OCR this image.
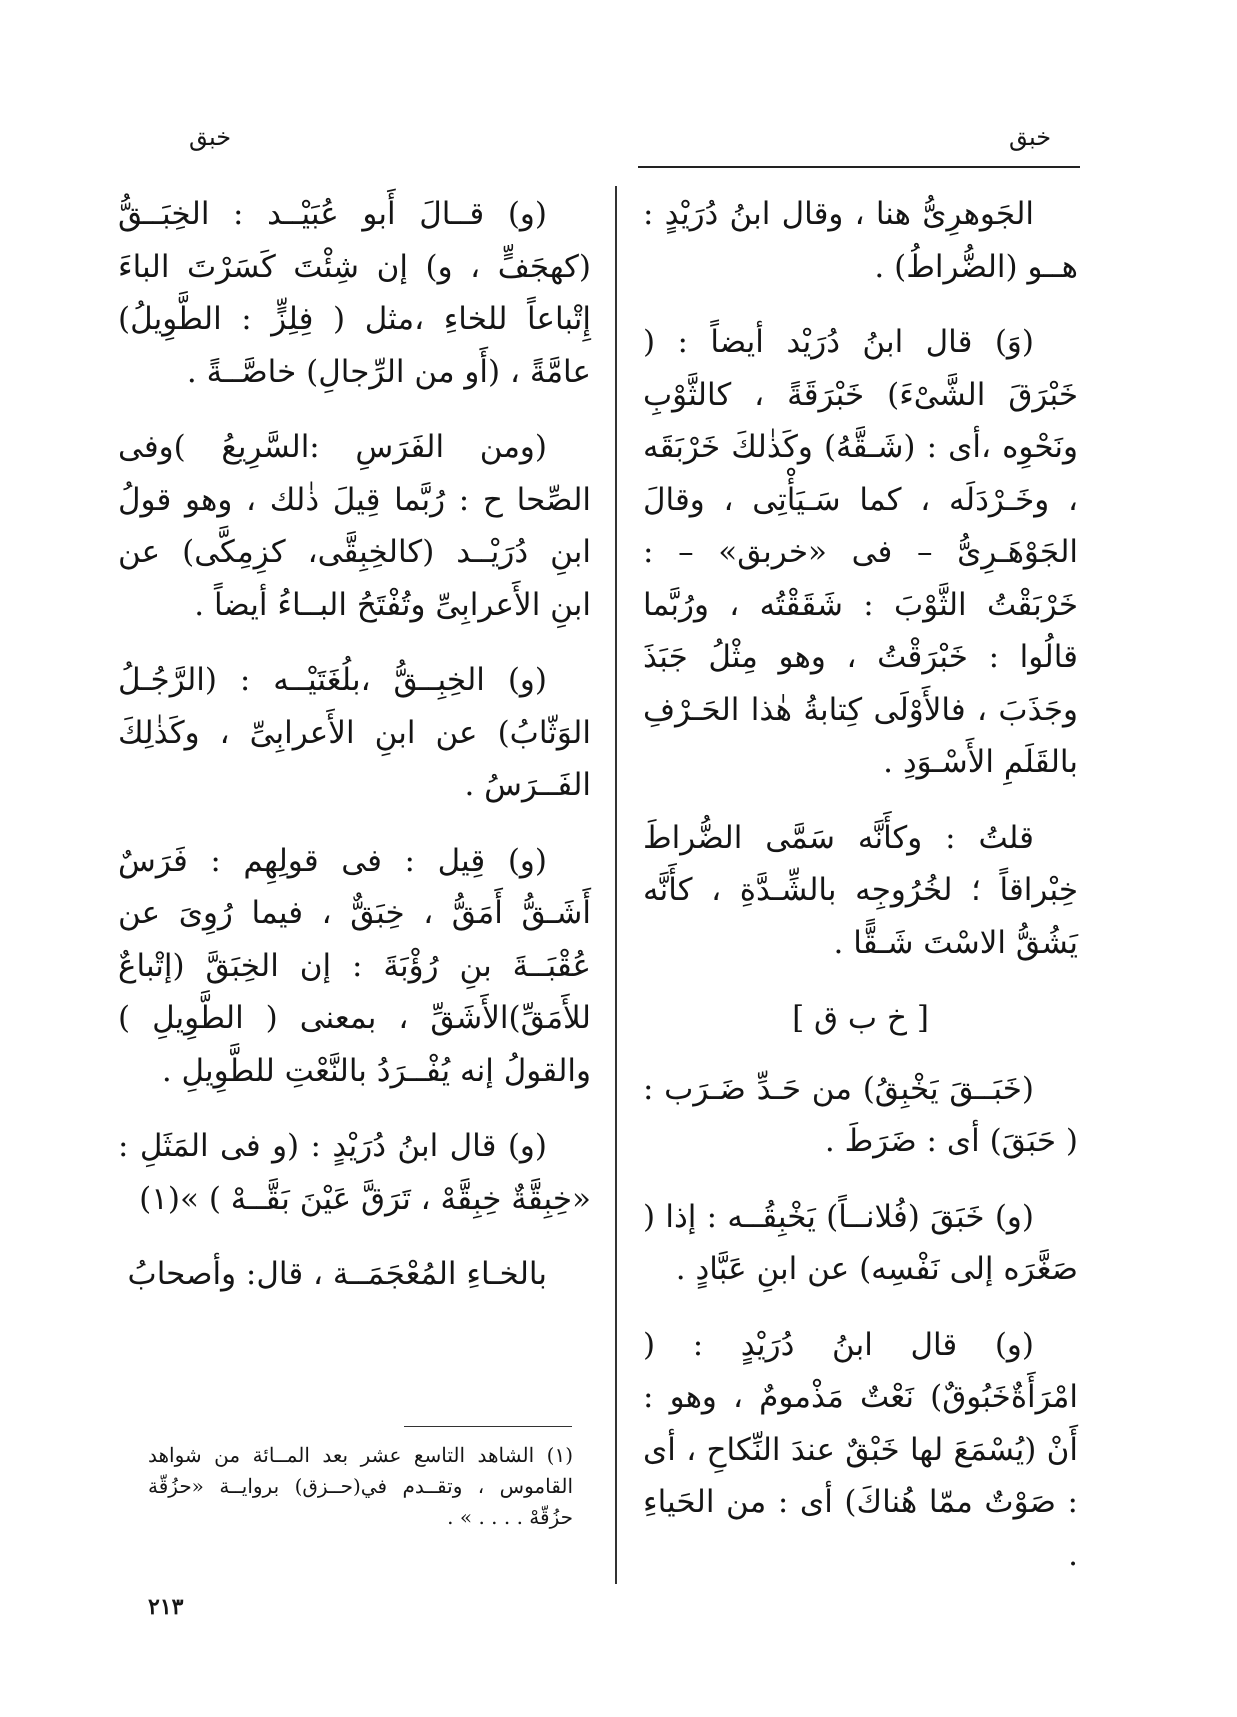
خبق
خبق

الجَوهرِىُّ هنا ، وقال ابنُ دُرَيْدٍ : هــو (الضُّراطُ) .

(وَ) قال ابنُ دُرَيْد أيضاً : ( خَبْرَقَ الشَّىْءَ) خَبْرَقَةً ، كالثَّوْبِ ونَحْوِه ،أى : (شَـقَّهُ) وكَذٰلكَ خَرْبَقَه ، وخَـرْدَلَه ، كما سَـيَأْتِى ، وقالَ الجَوْهَـرِىُّ – فى «خربق» – : خَرْبَقْتُ الثَّوْبَ : شَقَقْتُه ، ورُبَّما قالُوا : خَبْرَقْتُ ، وهو مِثْلُ جَبَذَ وجَذَبَ ، فالأَوْلَى كِتابةُ هٰذا الحَـرْفِ بالقَلَمِ الأَسْـوَدِ .

قلتُ : وكأَنَّه سَمَّى الضُّراطَ خِبْراقاً ؛ لخُرُوجِه بالشِّـدَّةِ ، كأَنَّه يَشُقُّ الاسْتَ شَـقًّا .

[ خ ب ق ]

(خَبَــقَ يَخْبِقُ) من حَـدِّ ضَـرَب : ( حَبَقَ) أى : ضَرَطَ .

(و) خَبَقَ (فُلانــاً) يَخْبِقُــه : إذا ( صَغَّرَه إلى نَفْسِه) عن ابنِ عَبَّادٍ .

(و) قال ابنُ دُرَيْدٍ : ( امْرَأَةٌخَبُوقٌ) نَعْتٌ مَذْمومٌ ، وهو : أَنْ (يُسْمَعَ لها خَبْقٌ عندَ النِّكاحِ ، أى : صَوْتٌ ممّا هُناكَ) أى : من الحَياءِ .

(و) قــالَ أَبو عُبَيْــد : الخِبَــقُّ (كهجَفٍّ ، و) إن شِئْتَ كَسَرْتَ الباءَ إِتْباعاً للخاءِ ،مثل ( فِلِزٍّ : الطَّوِيلُ) عامَّةً ، (أَو من الرِّجالِ) خاصَّــةً .

(ومن الفَرَسِ :السَّرِيعُ )وفى الصِّحا ح : رُبَّما قِيلَ ذٰلك ، وهو قولُ ابنِ دُرَيْــد (كالخِبِقَّى، كزِمِكَّى) عن ابنِ الأَعرابِىِّ وتُفْتَحُ البــاءُ أيضاً .

(و) الخِبِــقُّ ،بلُغَتَيْــه : (الرَّجُـلُ الوَثّابُ) عن ابنِ الأَعرابِىِّ ، وكَذٰلِكَ الفَــرَسُ .

(و) قِيل : فى قولِهِم : فَرَسٌ أَشَـقُّ أَمَقُّ ، خِبَقٌّ ، فيما رُوِىَ عن عُقْبَــةَ بنِ رُؤْبَةَ : إن الخِبَقَّ (إتْباعٌ للأَمَقِّ)الأَشَقِّ ، بمعنى ( الطَّوِيلِ ) والقولُ إنه يُفْــرَدُ بالنَّعْتِ للطَّوِيلِ .

(و) قال ابنُ دُرَيْدٍ : (و فى المَثَلِ : «خِبِقَّةٌ خِبِقَّهْ ، تَرَقَّ عَيْنَ بَقَّــهْ ) »(١)

بالخـاءِ المُعْجَمَــة ، قال: وأصحابُ

(١) الشاهد التاسع عشر بعد المــائة من شواهد القاموس ، وتقــدم في(حــزق) بروايــة «حزُقّة حزُقّهْ . . . . » .

٢١٣
